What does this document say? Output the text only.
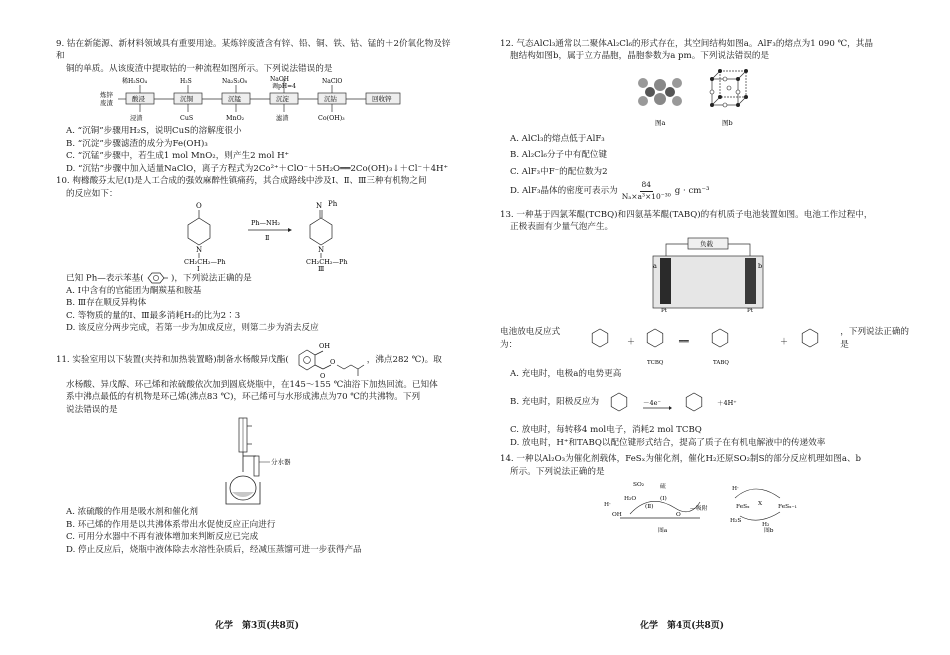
9. 钴在新能源、新材料领域具有重要用途。某炼锌废渣含有锌、铅、铜、铁、钴、锰的＋2价氧化物及锌和

铜的单质。从该废渣中提取钴的一种流程如图所示。下列说法错误的是

炼锌
废渣	酸浸	沉铜	沉锰	沉淀	沉钴	回收锌
稀H₂SO₄	H₂S	Na₂S₂O₈	NaOH	NaClO
浸渣	CuS	MnO₂	滤渣	Co(OH)₃
调pH=4

A. “沉铜”步骤用H₂S，说明CuS的溶解度很小

B. “沉淀”步骤滤渣的成分为Fe(OH)₃

C. “沉锰”步骤中，若生成1 mol MnO₂，则产生2 mol H⁺

D. “沉钴”步骤中加入适量NaClO，离子方程式为2Co²⁺＋ClO⁻＋5H₂O══2Co(OH)₃↓＋Cl⁻＋4H⁺

10. 枸橼酸芬太尼(Ⅰ)是人工合成的强效麻醉性镇痛药，其合成路线中涉及Ⅰ、Ⅱ、Ⅲ三种有机物之间

的反应如下：

O
N
CH₂CH₂—Ph
Ⅰ
Ph—NH₂
Ⅱ
N Ph
N
CH₂CH₂—Ph
Ⅲ

已知 Ph—表示苯基(	)，下列说法正确的是

A. Ⅰ中含有的官能团为酮羰基和胺基

B. Ⅲ存在顺反异构体

C. 等物质的量的Ⅰ、Ⅲ最多消耗H₂的比为2∶3

D. 该反应分两步完成，若第一步为加成反应，则第二步为消去反应

11. 实验室用以下装置(夹持和加热装置略)制备水杨酸异戊酯(
OH
O
O	，沸点282 ℃)。取

水杨酸、异戊醇、环己烯和浓硫酸依次加到圆底烧瓶中，在145～155 ℃油浴下加热回流。已知体

系中沸点最低的有机物是环己烯(沸点83 ℃)，环己烯可与水形成沸点为70 ℃的共沸物。下列

说法错误的是

分水器

A. 浓硫酸的作用是吸水剂和催化剂

B. 环己烯的作用是以共沸体系带出水促使反应正向进行

C. 可用分水器中不再有液体增加来判断反应已完成

D. 停止反应后，烧瓶中液体除去水溶性杂质后，经减压蒸馏可进一步获得产品

化学　第3页(共8页)

12. 气态AlCl₃通常以二聚体Al₂Cl₆的形式存在，其空间结构如图a。AlF₃的熔点为1 090 ℃，其晶

胞结构如图b，属于立方晶胞，晶胞参数为a pm。下列说法错误的是

图a	图b

A. AlCl₃的熔点低于AlF₃

B. Al₂Cl₆分子中有配位键

C. AlF₃中F⁻的配位数为2

D. AlF₃晶体的密度可表示为
84
Nₐ×a³×10⁻³⁰
g · cm⁻³

13. 一种基于四氯苯醌(TCBQ)和四氨基苯醌(TABQ)的有机质子电池装置如图。电池工作过程中，

正极表面有少量气泡产生。

负载
a	b
Pt	Pt
电池放电反应式为：	＋	══	＋
TCBQ	TABQ
，下列说法正确的是

A. 充电时，电极a的电势更高

B. 充电时，阳极反应为	－4e⁻	＋4H⁺

C. 放电时，每转移4 mol电子，消耗2 mol TCBQ

D. 放电时，H⁺和TABQ以配位键形式结合，提高了质子在有机电解液中的传递效率

14. 一种以Al₂O₃为催化剂载体，FeSₓ为催化剂，催化H₂还原SO₂制S的部分反应机理如图a、b

所示。下列说法正确的是

SO₂
H₂O
硫
H·
OH	O
(Ⅱ)
(Ⅰ)
—吸附
图a
FeSₓ	FeSₓ₋₁
X
H₂S
H₂
H·
图b
化学　第4页(共8页)
